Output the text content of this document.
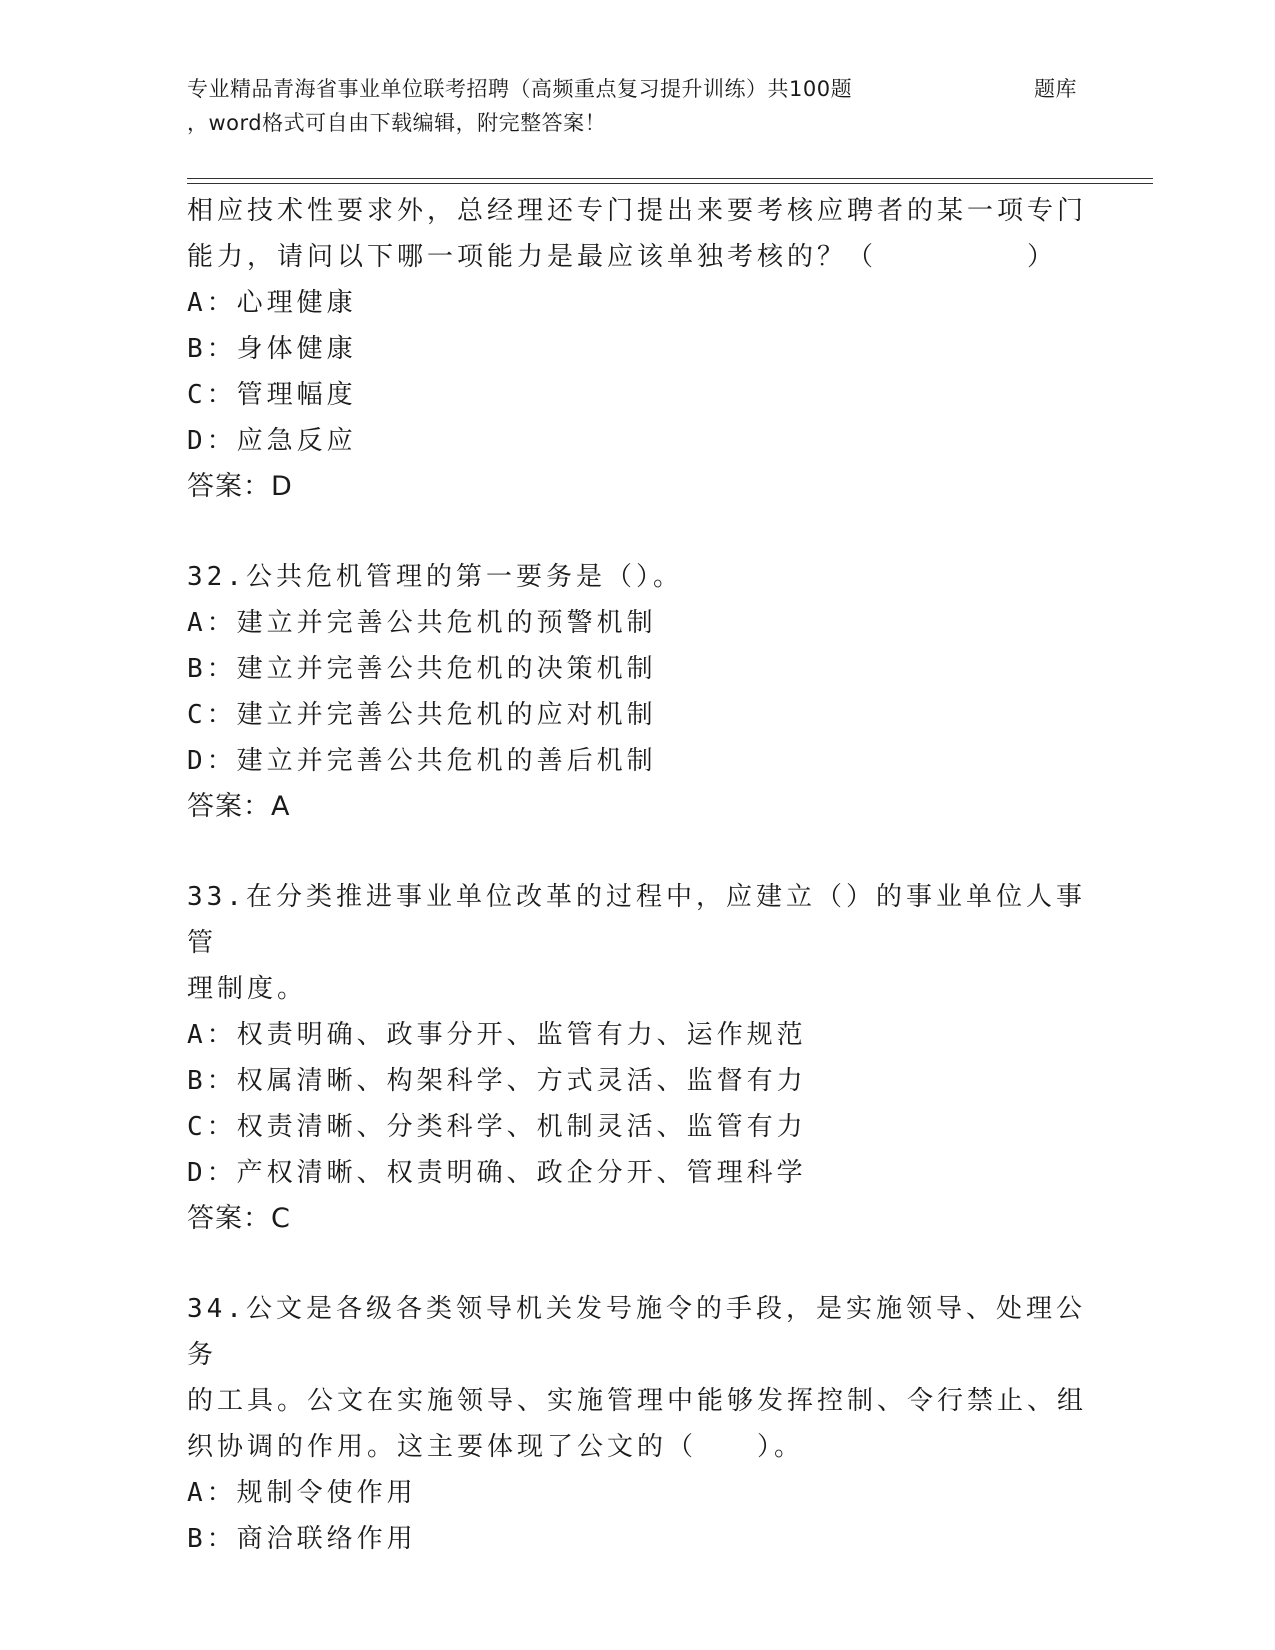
专业精品青海省事业单位联考招聘（高频重点复习提升训练）共100题	题库
，word格式可自由下载编辑，附完整答案！

相应技术性要求外，总经理还专门提出来要考核应聘者的某一项专门

能力，请问以下哪一项能力是最应该单独考核的？（　　　　　）

A：心理健康

B：身体健康

C：管理幅度

D：应急反应

答案：D

32.公共危机管理的第一要务是（）。

A：建立并完善公共危机的预警机制

B：建立并完善公共危机的决策机制

C：建立并完善公共危机的应对机制

D：建立并完善公共危机的善后机制

答案：A

33.在分类推进事业单位改革的过程中，应建立（）的事业单位人事管

理制度。

A：权责明确、政事分开、监管有力、运作规范

B：权属清晰、构架科学、方式灵活、监督有力

C：权责清晰、分类科学、机制灵活、监管有力

D：产权清晰、权责明确、政企分开、管理科学

答案：C

34.公文是各级各类领导机关发号施令的手段，是实施领导、处理公务

的工具。公文在实施领导、实施管理中能够发挥控制、令行禁止、组

织协调的作用。这主要体现了公文的（　　）。

A：规制令使作用

B：商洽联络作用
